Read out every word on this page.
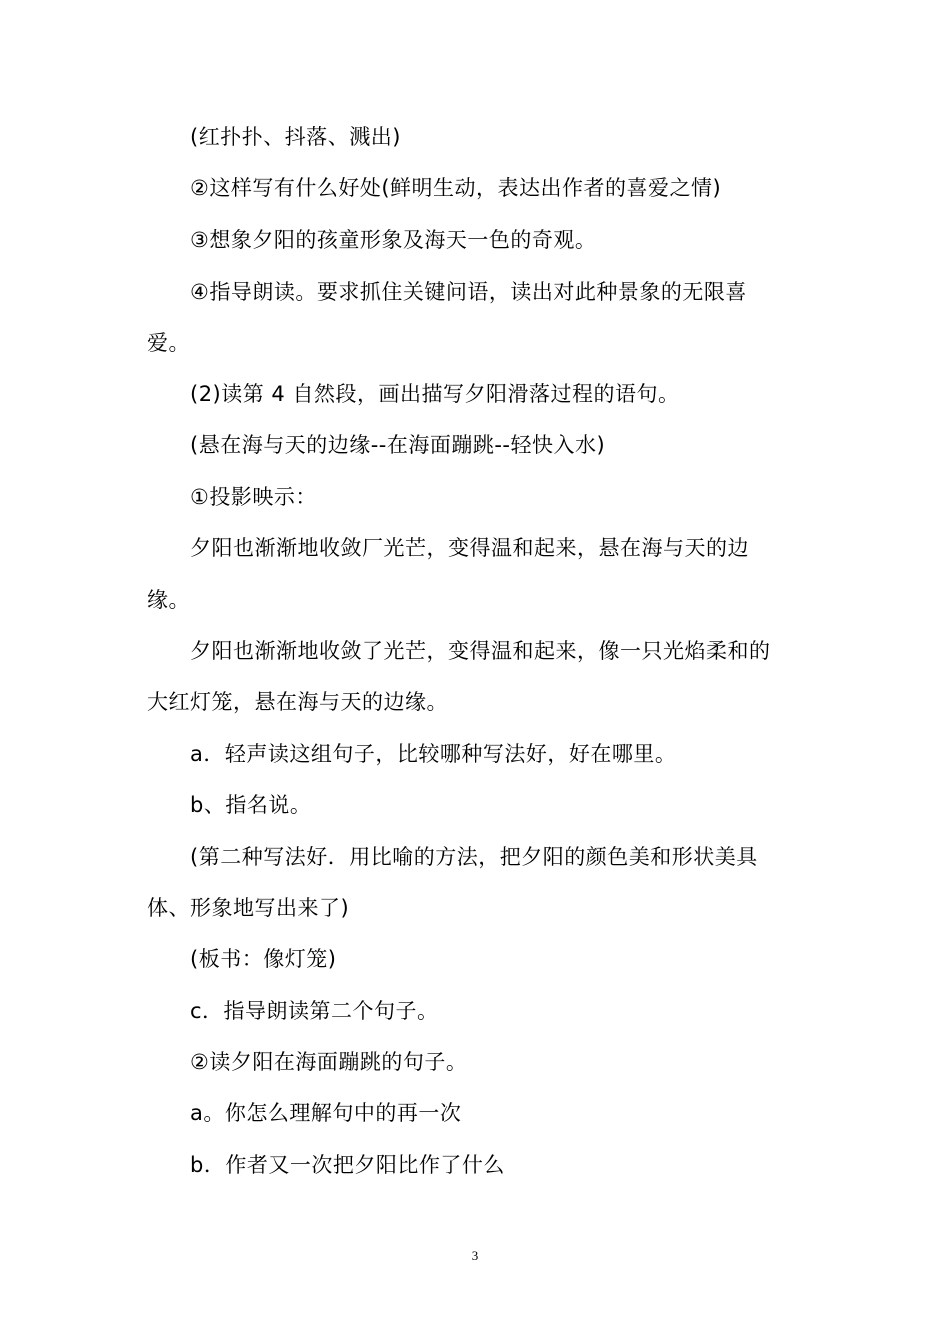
(红扑扑、抖落、溅出)
②这样写有什么好处(鲜明生动，表达出作者的喜爱之情)
③想象夕阳的孩童形象及海天一色的奇观。
④指导朗读。要求抓住关键问语，读出对此种景象的无限喜
爱。
(2)读第 4 自然段，画出描写夕阳滑落过程的语句。
(悬在海与天的边缘--在海面蹦跳--轻快入水)
①投影映示：
夕阳也渐渐地收敛厂光芒，变得温和起来，悬在海与天的边
缘。
夕阳也渐渐地收敛了光芒，变得温和起来，像一只光焰柔和的
大红灯笼，悬在海与天的边缘。
a．轻声读这组句子，比较哪种写法好，好在哪里。
b、指名说。
(第二种写法好．用比喻的方法，把夕阳的颜色美和形状美具
体、形象地写出来了)
(板书：像灯笼)
c．指导朗读第二个句子。
②读夕阳在海面蹦跳的句子。
a。你怎么理解句中的再一次
b．作者又一次把夕阳比作了什么
3
